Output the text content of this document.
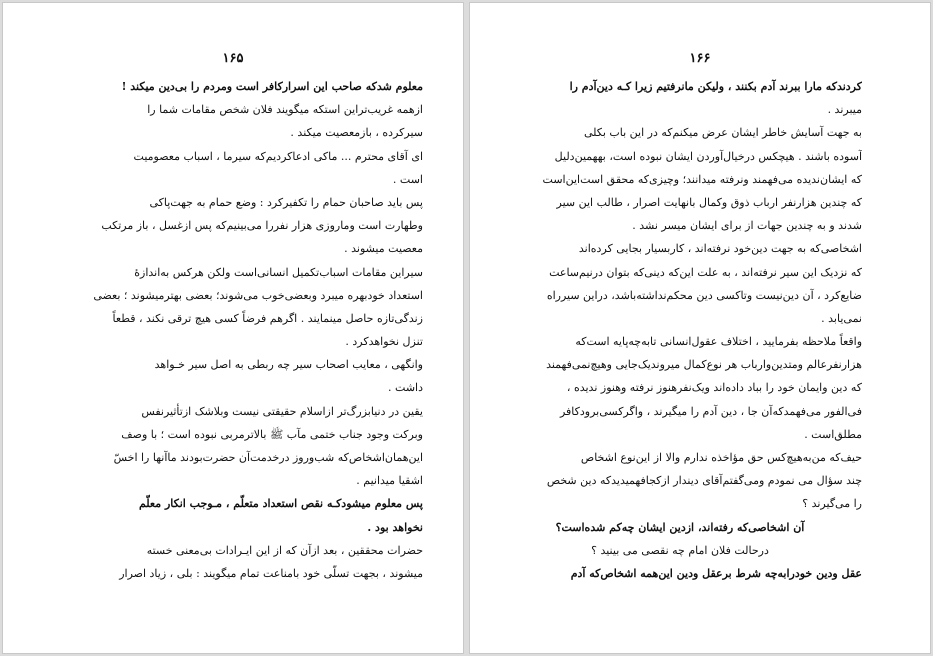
۱۶۵
معلوم شدکه صاحب این اسرارکافر است ومردم را بی‌دین میکند !
ازهمه غریب‌تراین استکه میگویند فلان شخص مقامات شما را
سیرکرده ، بازمعصیت میکند .
ای آقای محترم ... ماکی ادعاکردیم‌که سیرما ، اسباب معصومیت
است .
پس باید صاحبان حمام را تکفیرکرد : وضع حمام به جهت‌پاکی
وطهارت است وماروزی هزار نفررا می‌بینیم‌که پس ازغسل ، باز مرتکب
معصیت میشوند .
سیراین مقامات اسباب‌تکمیل انسانی‌است ولکن هرکس به‌اندازهٔ
استعداد خودبهره میبرد وبعضی‌خوب می‌شوند؛ بعضی بهترمیشوند ؛ بعضی
زندگی‌تازه حاصل مینمایند . اگرهم فرضاً کسی هیچ ترقی نکند ، قطعاً
تنزل نخواهدکرد .
وانگهی ، معایب اصحاب سیر چه ربطی به اصل سیر خـواهد
داشت .
یقین در دنیابزرگ‌تر ازاسلام حقیقتی نیست وبلاشک ازتأثیرنفس
وبرکت وجود جناب ختمی مآب ﷺ بالاترمربی نبوده است ؛ با وصف
این‌همان‌اشخاص‌که شب‌وروز درخدمت‌آن حضرت‌بودند ماآنها را اخسّ
اشقیا میدانیم .
پس معلوم میشودکـه نقص استعداد متعلّم ، مـوجب انکار معلّم
نخواهد بود .
حضرات محققین ، بعد ازآن که از این ایـرادات بی‌معنی خسته
میشوند ، بجهت تسلّی خود بامناعت تمام میگویند : بلی ، زیاد اصرار
۱۶۶
کردندکه مارا ببرند آدم بکنند ، ولیکن مانرفتیم زیرا کـه دین‌آدم را
میبرند .
به جهت آسایش خاطر ایشان عرض میکنم‌که در این باب بکلی
آسوده باشند . هیچکس درخیال‌آوردن ایشان نبوده است، بههمین‌دلیل
که ایشان‌ندیده می‌فهمند ونرفته میدانند؛ وچیزی‌که محقق است‌این‌است
که چندین هزارنفر ارباب ذوق وکمال بانهایت اصرار ، طالب این سیر
شدند و به چندین جهات از برای ایشان میسر نشد .
اشخاصی‌که به جهت دین‌خود نرفته‌اند ، کاربسیار بجایی کرده‌اند
که نزدیک این سیر نرفته‌اند ، به علت این‌که دینی‌که بتوان درنیم‌ساعت
ضایع‌کرد ، آن دین‌نیست وتاکسی دین محکم‌نداشته‌باشد، دراین سیرراه
نمی‌یابد .
واقعاً ملاحظه بفرمایید ، اختلاف عقول‌انسانی تابه‌چه‌پایه است‌که
هزارنفرعالم ومتدین‌وارباب هر نوع‌کمال میروندیک‌جایی وهیچ‌نمی‌فهمند
که دین وایمان خود را بباد داده‌اند ویک‌نفرهنوز نرفته وهنوز ندیده ،
فی‌الفور می‌فهمدکه‌آن جا ، دین آدم را میگیرند ، واگرکسی‌برودکافر
مطلق‌است .
حیف‌که من‌به‌هیچ‌کس حق مؤاخذه ندارم والا از این‌نوع اشخاص
چند سؤال می نمودم ومی‌گفتم‌آقای دیندار ازکجافهمیدیدکه دین شخص
را می‌گیرند ؟
آن اشخاصی‌که رفته‌اند، ازدین ایشان چه‌کم شده‌است؟
درحالت فلان امام چه نقصی می بینید ؟
عقل ودین خودرابه‌چه شرط برعقل ودین این‌همه اشخاص‌که آدم
